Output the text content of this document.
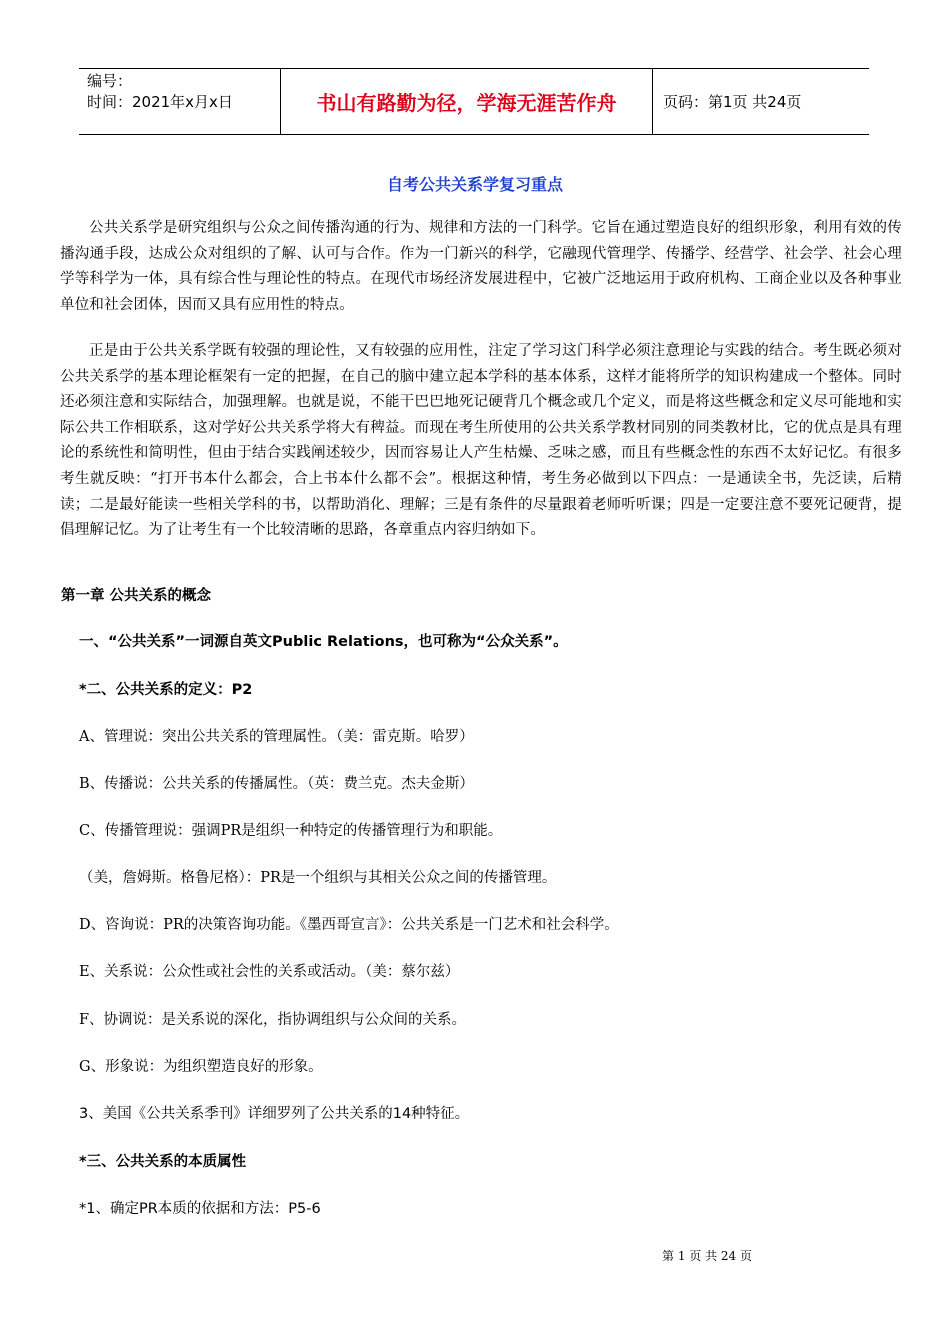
编号：
时间：2021年x月x日	书山有路勤为径，学海无涯苦作舟	页码：第1页 共24页
自考公共关系学复习重点
公共关系学是研究组织与公众之间传播沟通的行为、规律和方法的一门科学。它旨在通过塑造良好的组织形象，利用有效的传播沟通手段，达成公众对组织的了解、认可与合作。作为一门新兴的科学，它融现代管理学、传播学、经营学、社会学、社会心理学等科学为一体，具有综合性与理论性的特点。在现代市场经济发展进程中，它被广泛地运用于政府机构、工商企业以及各种事业单位和社会团体，因而又具有应用性的特点。
正是由于公共关系学既有较强的理论性，又有较强的应用性，注定了学习这门科学必须注意理论与实践的结合。考生既必须对公共关系学的基本理论框架有一定的把握，在自己的脑中建立起本学科的基本体系，这样才能将所学的知识构建成一个整体。同时还必须注意和实际结合，加强理解。也就是说，不能干巴巴地死记硬背几个概念或几个定义，而是将这些概念和定义尽可能地和实际公共工作相联系，这对学好公共关系学将大有稗益。而现在考生所使用的公共关系学教材同别的同类教材比，它的优点是具有理论的系统性和简明性，但由于结合实践阐述较少，因而容易让人产生枯燥、乏味之感，而且有些概念性的东西不太好记忆。有很多考生就反映：“打开书本什么都会，合上书本什么都不会”。根据这种情，考生务必做到以下四点：一是通读全书，先泛读，后精读；二是最好能读一些相关学科的书，以帮助消化、理解；三是有条件的尽量跟着老师听听课；四是一定要注意不要死记硬背，提倡理解记忆。为了让考生有一个比较清晰的思路，各章重点内容归纳如下。
第一章 公共关系的概念
一、“公共关系”一词源自英文Public Relations，也可称为“公众关系”。
*二、公共关系的定义：P2
A、管理说：突出公共关系的管理属性。（美：雷克斯。哈罗）
B、传播说：公共关系的传播属性。（英：费兰克。杰夫金斯）
C、传播管理说：强调PR是组织一种特定的传播管理行为和职能。
（美，詹姆斯。格鲁尼格）：PR是一个组织与其相关公众之间的传播管理。
D、咨询说：PR的决策咨询功能。《墨西哥宣言》：公共关系是一门艺术和社会科学。
E、关系说：公众性或社会性的关系或活动。（美：蔡尔兹）
F、协调说：是关系说的深化，指协调组织与公众间的关系。
G、形象说：为组织塑造良好的形象。
3、美国《公共关系季刊》详细罗列了公共关系的14种特征。
*三、公共关系的本质属性
*1、确定PR本质的依据和方法：P5-6
第 1 页 共 24 页
